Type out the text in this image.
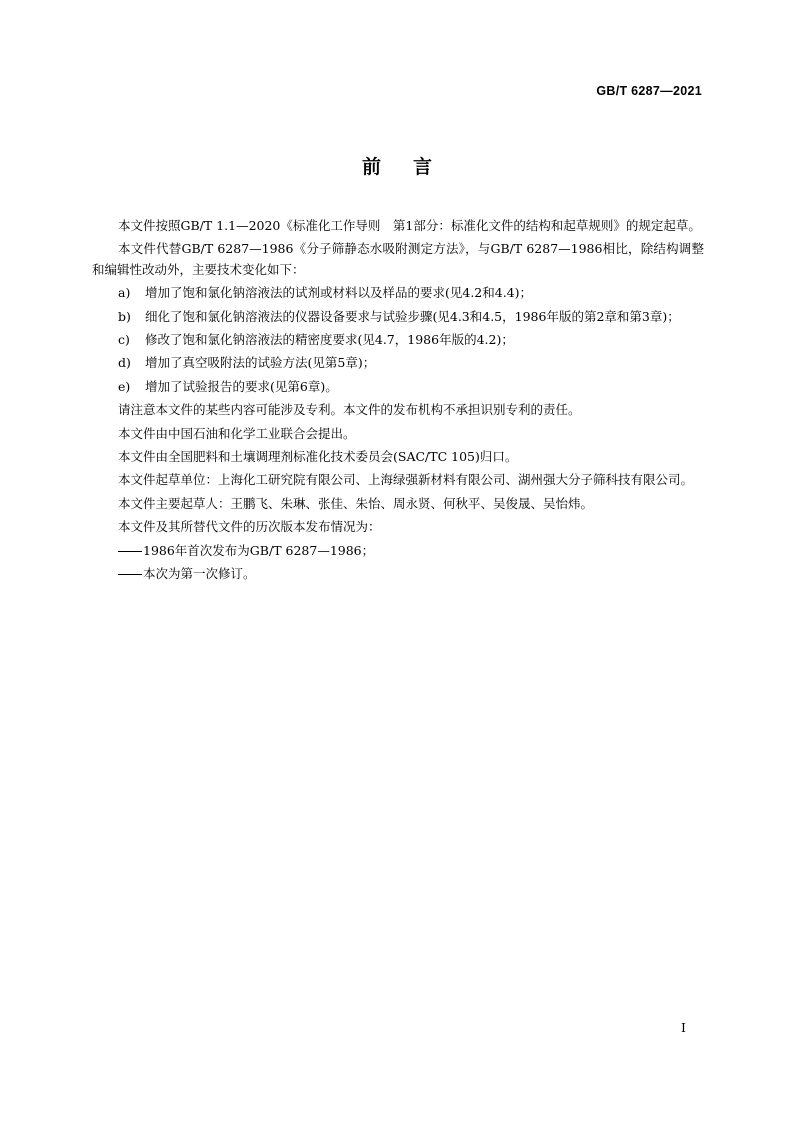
GB/T 6287—2021
前言

本文件按照GB/T 1.1—2020《标准化工作导则　第1部分：标准化文件的结构和起草规则》的规定起草。

本文件代替GB/T 6287—1986《分子筛静态水吸附测定方法》，与GB/T 6287—1986相比，除结构调整和编辑性改动外，主要技术变化如下：

a)	增加了饱和氯化钠溶液法的试剂或材料以及样品的要求(见4.2和4.4)；
b)	细化了饱和氯化钠溶液法的仪器设备要求与试验步骤(见4.3和4.5，1986年版的第2章和第3章)；
c)	修改了饱和氯化钠溶液法的精密度要求(见4.7，1986年版的4.2)；
d)	增加了真空吸附法的试验方法(见第5章)；
e)	增加了试验报告的要求(见第6章)。

请注意本文件的某些内容可能涉及专利。本文件的发布机构不承担识别专利的责任。

本文件由中国石油和化学工业联合会提出。

本文件由全国肥料和土壤调理剂标准化技术委员会(SAC/TC 105)归口。

本文件起草单位：上海化工研究院有限公司、上海绿强新材料有限公司、湖州强大分子筛科技有限公司。

本文件主要起草人：王鹏飞、朱琳、张佳、朱怡、周永贤、何秋平、吴俊晟、吴怡炜。

本文件及其所替代文件的历次版本发布情况为：

1986年首次发布为GB/T 6287—1986；
本次为第一次修订。
I
